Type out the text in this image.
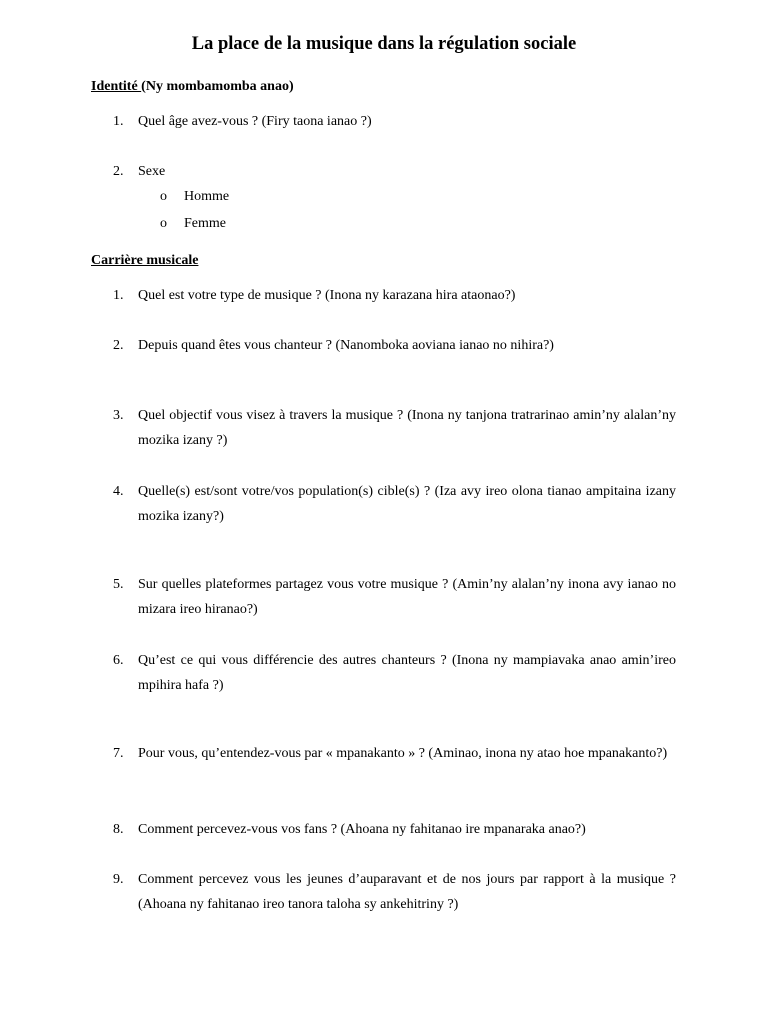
La place de la musique dans la régulation sociale
Identité (Ny mombamomba anao)
1.	Quel âge avez-vous ? (Firy taona ianao ?)
2.	Sexe
o Homme
o Femme
Carrière musicale
1.	Quel est votre type de musique ? (Inona ny karazana hira ataonao?)
2.	Depuis quand êtes vous chanteur ? (Nanomboka aoviana ianao no nihira?)
3.	Quel objectif vous visez à travers la musique ? (Inona ny tanjona tratrarinao amin’ny alalan’ny mozika izany ?)
4.	Quelle(s) est/sont votre/vos population(s) cible(s) ? (Iza avy ireo olona tianao ampitaina izany mozika izany?)
5.	Sur quelles plateformes partagez vous votre musique ? (Amin’ny alalan’ny inona avy ianao no mizara ireo hiranao?)
6.	Qu’est ce qui vous différencie des autres chanteurs ? (Inona ny mampiavaka anao amin’ireo mpihira hafa ?)
7.	Pour vous, qu’entendez-vous par « mpanakanto » ? (Aminao, inona ny atao hoe mpanakanto?)
8.	Comment percevez-vous vos fans ? (Ahoana ny fahitanao ire mpanaraka anao?)
9.	Comment percevez vous les jeunes d’auparavant et de nos jours par rapport à la musique ? (Ahoana ny fahitanao ireo tanora taloha sy ankehitriny ?)
